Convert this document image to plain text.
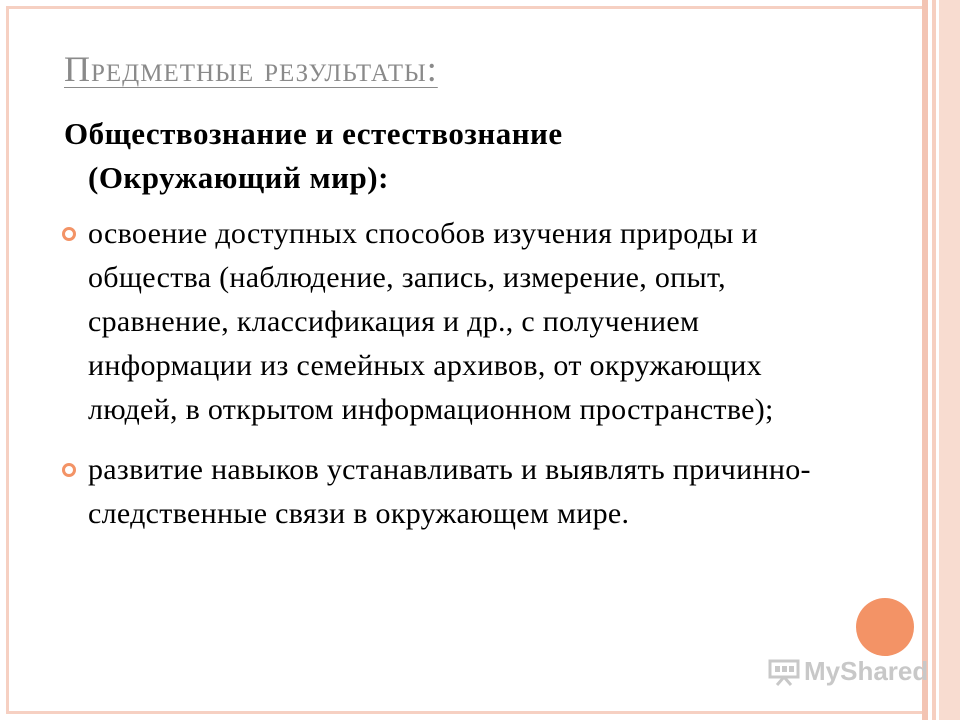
Предметные результаты:

Обществознание и естествознание
(Окружающий мир):

освоение доступных способов изучения природы и общества (наблюдение, запись, измерение, опыт, сравнение, классификация и др., с получением информации из семейных архивов, от окружающих людей, в открытом информационном пространстве);
развитие навыков устанавливать и выявлять причинно-следственные связи в окружающем мире.
MyShared
